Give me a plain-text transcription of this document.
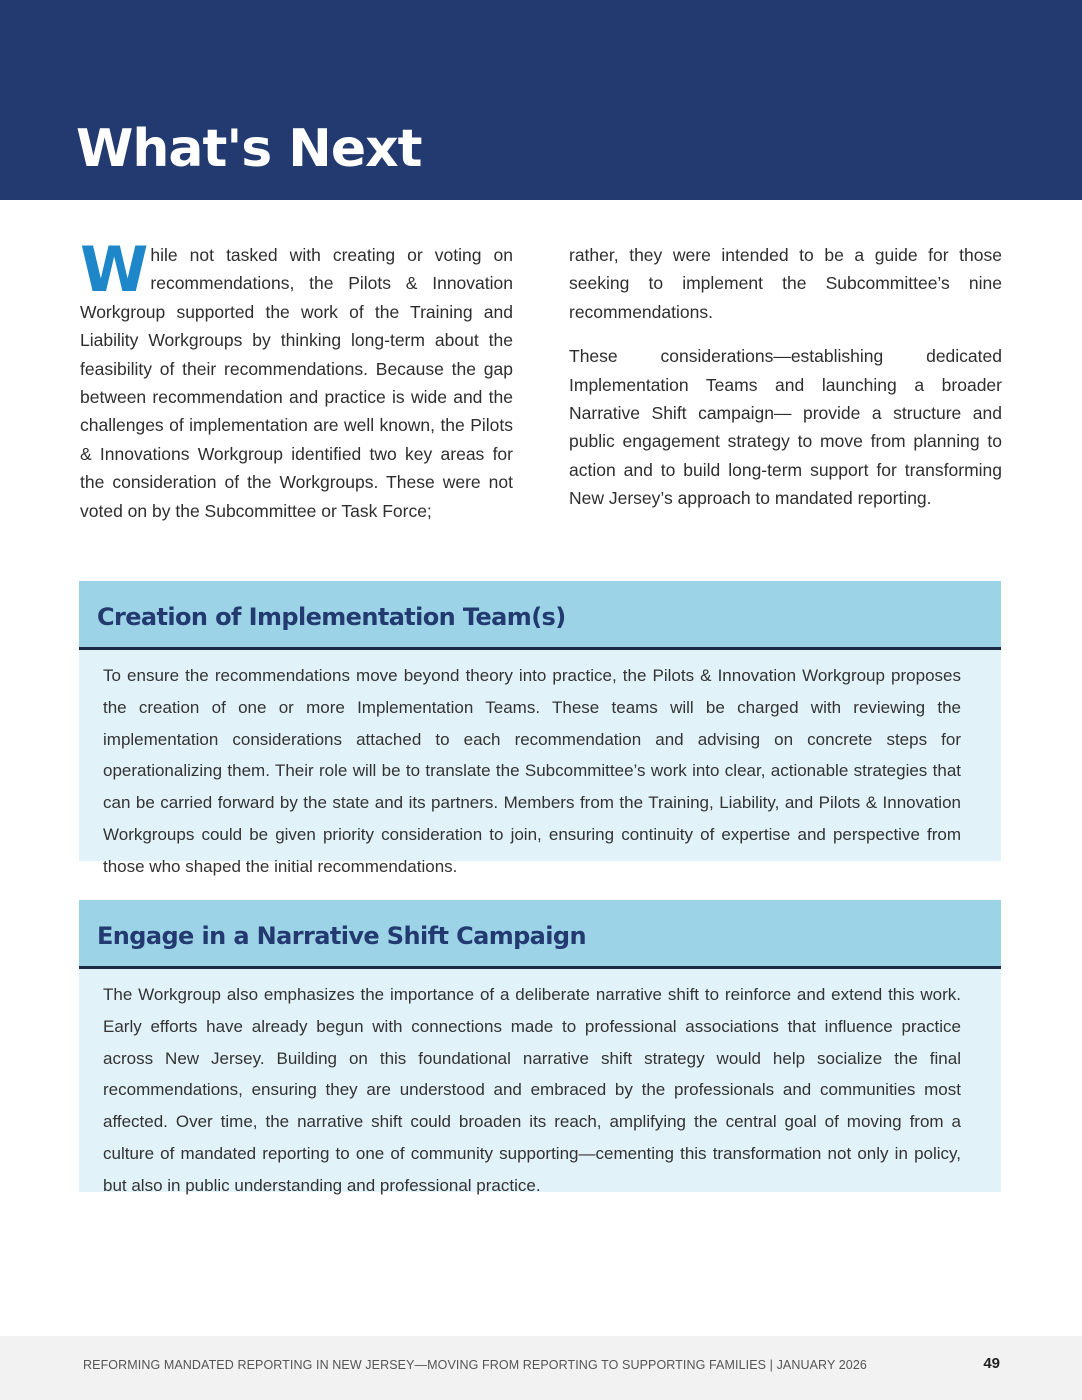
What's Next

While not tasked with creating or voting on recommendations, the Pilots & Innovation Workgroup supported the work of the Training and Liability Workgroups by thinking long-term about the feasibility of their recommendations. Because the gap between recommendation and practice is wide and the challenges of implementation are well known, the Pilots & Innovations Workgroup identified two key areas for the consideration of the Workgroups. These were not voted on by the Subcommittee or Task Force;

rather, they were intended to be a guide for those seeking to implement the Subcommittee’s nine recommendations.

These considerations—establishing dedicated Implementation Teams and launching a broader Narrative Shift campaign— provide a structure and public engagement strategy to move from planning to action and to build long-term support for transforming New Jersey’s approach to mandated reporting.

Creation of Implementation Team(s)

To ensure the recommendations move beyond theory into practice, the Pilots & Innovation Workgroup proposes the creation of one or more Implementation Teams. These teams will be charged with reviewing the implementation considerations attached to each recommendation and advising on concrete steps for operationalizing them. Their role will be to translate the Subcommittee’s work into clear, actionable strategies that can be carried forward by the state and its partners. Members from the Training, Liability, and Pilots & Innovation Workgroups could be given priority consideration to join, ensuring continuity of expertise and perspective from those who shaped the initial recommendations.

Engage in a Narrative Shift Campaign

The Workgroup also emphasizes the importance of a deliberate narrative shift to reinforce and extend this work. Early efforts have already begun with connections made to professional associations that influence practice across New Jersey. Building on this foundational narrative shift strategy would help socialize the final recommendations, ensuring they are understood and embraced by the professionals and communities most affected. Over time, the narrative shift could broaden its reach, amplifying the central goal of moving from a culture of mandated reporting to one of community supporting—cementing this transformation not only in policy, but also in public understanding and professional practice.

REFORMING MANDATED REPORTING IN NEW JERSEY—MOVING FROM REPORTING TO SUPPORTING FAMILIES | JANUARY 2026	49
